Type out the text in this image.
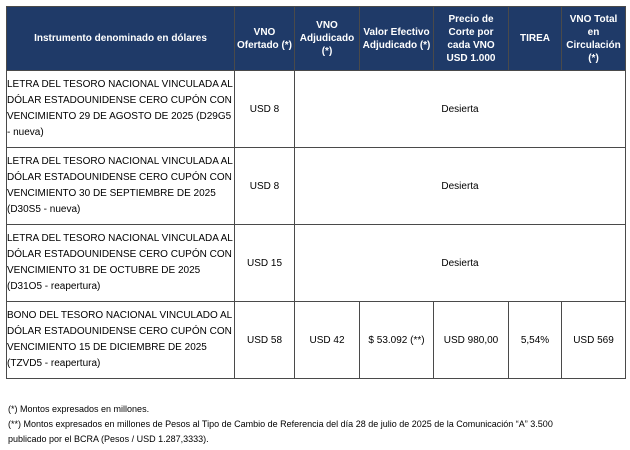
Instrumento denominado en dólares	VNO Ofertado (*)	VNO Adjudicado (*)	Valor Efectivo Adjudicado (*)	Precio de Corte por cada VNO USD 1.000	TIREA	VNO Total en Circulación (*)
LETRA DEL TESORO NACIONAL VINCULADA AL DÓLAR ESTADOUNIDENSE CERO CUPÓN CON VENCIMIENTO 29 DE AGOSTO DE 2025 (D29G5 - nueva)	USD 8	Desierta				
LETRA DEL TESORO NACIONAL VINCULADA AL DÓLAR ESTADOUNIDENSE CERO CUPÓN CON VENCIMIENTO 30 DE SEPTIEMBRE DE 2025 (D30S5 - nueva)	USD 8	Desierta				
LETRA DEL TESORO NACIONAL VINCULADA AL DÓLAR ESTADOUNIDENSE CERO CUPÓN CON VENCIMIENTO 31 DE OCTUBRE DE 2025 (D31O5 - reapertura)	USD 15	Desierta				
BONO DEL TESORO NACIONAL VINCULADO AL DÓLAR ESTADOUNIDENSE CERO CUPÓN CON VENCIMIENTO 15 DE DICIEMBRE DE 2025 (TZVD5 - reapertura)	USD 58	USD 42	$ 53.092 (**)	USD 980,00	5,54%	USD 569
(*) Montos expresados en millones.
(**) Montos expresados en millones de Pesos al Tipo de Cambio de Referencia del día 28 de julio de 2025 de la Comunicación “A” 3.500
publicado por el BCRA (Pesos / USD 1.287,3333).
